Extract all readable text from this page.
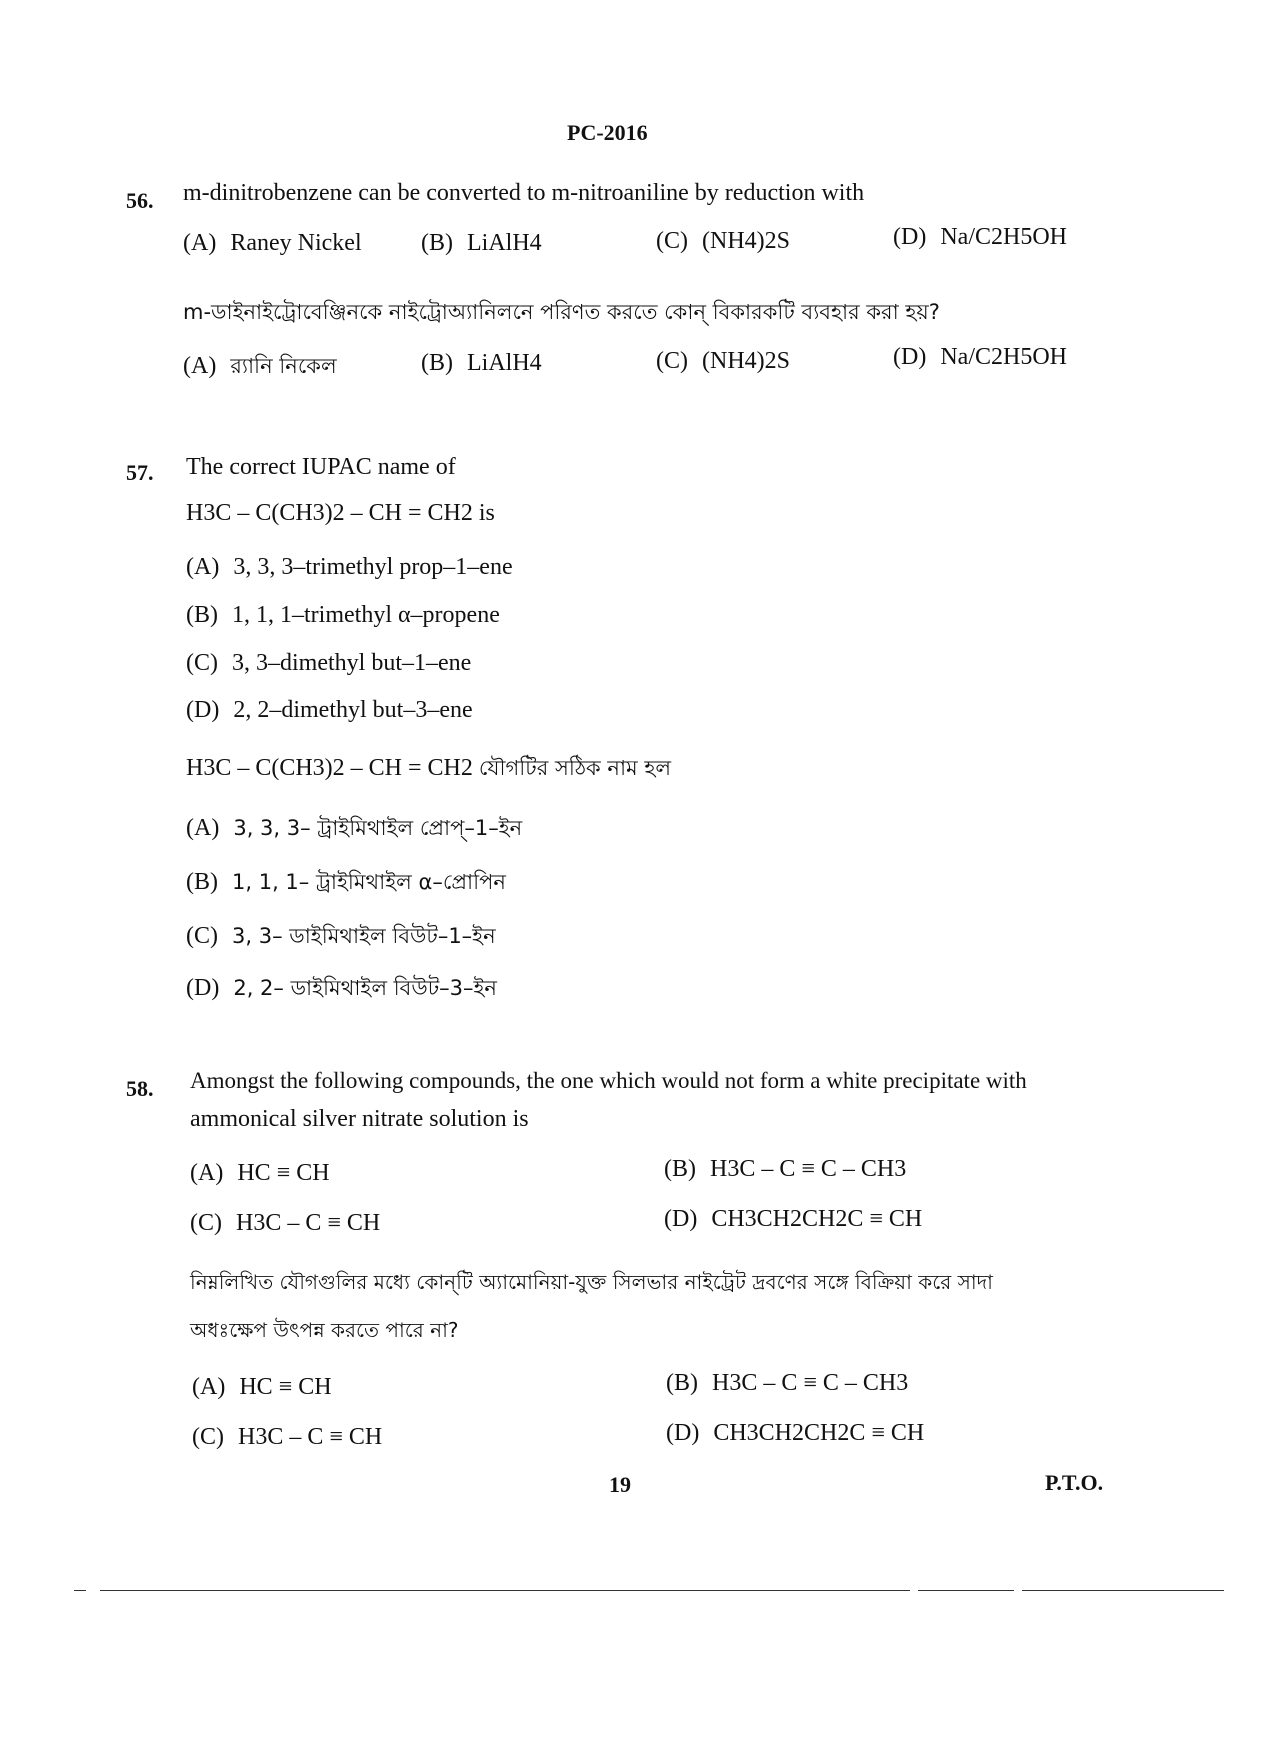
PC-2016
56. m-dinitrobenzene can be converted to m-nitroaniline by reduction with
(A) Raney Nickel (B) LiAlH4	(C) (NH4)2S	(D) Na/C2H5OH
m-ডাইনাইট্রোবেঞ্জিনকে নাইট্রোঅ্যানিলনে পরিণত করতে কোন্ বিকারকটি ব্যবহার করা হয়?
(A) র‍্যানি নিকেল	(B) LiAlH4	(C) (NH4)2S	(D) Na/C2H5OH
57. The correct IUPAC name of
H3C – C(CH3)2 – CH = CH2 is
(A) 3, 3, 3–trimethyl prop–1–ene
(B) 1, 1, 1–trimethyl α–propene
(C) 3, 3–dimethyl but–1–ene
(D) 2, 2–dimethyl but–3–ene
H3C – C(CH3)2 – CH = CH2 যৌগটির সঠিক নাম হল
(A) 3, 3, 3– ট্রাইমিথাইল প্রোপ্–1–ইন
(B) 1, 1, 1– ট্রাইমিথাইল α–প্রোপিন
(C) 3, 3– ডাইমিথাইল বিউট–1–ইন
(D) 2, 2– ডাইমিথাইল বিউট–3–ইন
58. Amongst the following compounds, the one which would not form a white precipitate with
ammonical silver nitrate solution is
(A) HC ≡ CH	(B) H3C – C ≡ C – CH3
(C) H3C – C ≡ CH	(D) CH3CH2CH2C ≡ CH
নিম্নলিখিত যৌগগুলির মধ্যে কোন্‌টি অ্যামোনিয়া-যুক্ত সিলভার নাইট্রেট দ্রবণের সঙ্গে বিক্রিয়া করে সাদা
অধঃক্ষেপ উৎপন্ন করতে পারে না?
(A) HC ≡ CH	(B) H3C – C ≡ C – CH3
(C) H3C – C ≡ CH	(D) CH3CH2CH2C ≡ CH
19	P.T.O.
